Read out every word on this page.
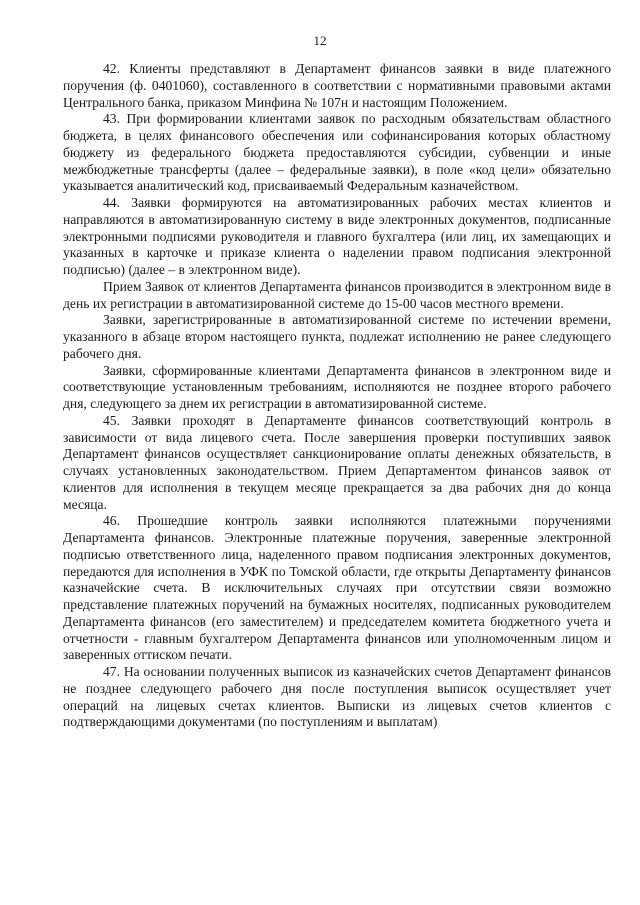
12

42. Клиенты представляют в Департамент финансов заявки в виде платежного поручения (ф. 0401060), составленного в соответствии с нормативными правовыми актами Центрального банка, приказом Минфина № 107н и настоящим Положением.

43. При формировании клиентами заявок по расходным обязательствам областного бюджета, в целях финансового обеспечения или софинансирования которых областному бюджету из федерального бюджета предоставляются субсидии, субвенции и иные межбюджетные трансферты (далее – федеральные заявки), в поле «код цели» обязательно указывается аналитический код, присваиваемый Федеральным казначейством.

44. Заявки формируются на автоматизированных рабочих местах клиентов и направляются в автоматизированную систему в виде электронных документов, подписанные электронными подписями руководителя и главного бухгалтера (или лиц, их замещающих и указанных в карточке и приказе клиента о наделении правом подписания электронной подписью) (далее – в электронном виде).

Прием Заявок от клиентов Департамента финансов производится в электронном виде в день их регистрации в автоматизированной системе до 15-00 часов местного времени.

Заявки, зарегистрированные в автоматизированной системе по истечении времени, указанного в абзаце втором настоящего пункта, подлежат исполнению не ранее следующего рабочего дня.

Заявки, сформированные клиентами Департамента финансов в электронном виде и соответствующие установленным требованиям, исполняются не позднее второго рабочего дня, следующего за днем их регистрации в автоматизированной системе.

45. Заявки проходят в Департаменте финансов соответствующий контроль в зависимости от вида лицевого счета. После завершения проверки поступивших заявок Департамент финансов осуществляет санкционирование оплаты денежных обязательств, в случаях установленных законодательством. Прием Департаментом финансов заявок от клиентов для исполнения в текущем месяце прекращается за два рабочих дня до конца месяца.

46. Прошедшие контроль заявки исполняются платежными поручениями Департамента финансов. Электронные платежные поручения, заверенные электронной подписью ответственного лица, наделенного правом подписания электронных документов, передаются для исполнения в УФК по Томской области, где открыты Департаменту финансов казначейские счета. В исключительных случаях при отсутствии связи возможно представление платежных поручений на бумажных носителях, подписанных руководителем Департамента финансов (его заместителем) и председателем комитета бюджетного учета и отчетности - главным бухгалтером Департамента финансов или уполномоченным лицом и заверенных оттиском печати.

47. На основании полученных выписок из казначейских счетов Департамент финансов не позднее следующего рабочего дня после поступления выписок осуществляет учет операций на лицевых счетах клиентов. Выписки из лицевых счетов клиентов с подтверждающими документами (по поступлениям и выплатам)
